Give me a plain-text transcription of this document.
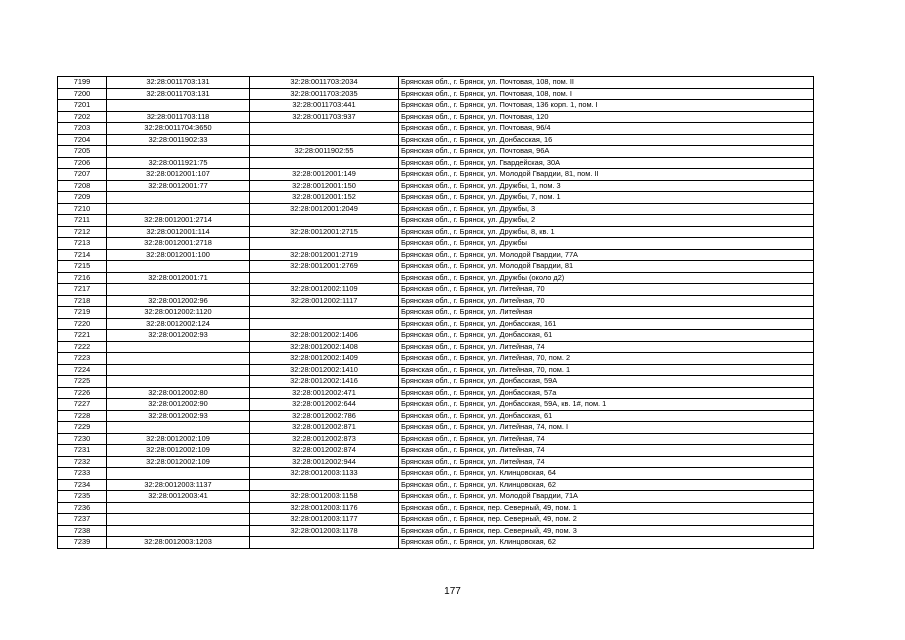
7199	32:28:0011703:131	32:28:0011703:2034	Брянская обл., г. Брянск, ул. Почтовая, 108, пом. II
7200	32:28:0011703:131	32:28:0011703:2035	Брянская обл., г. Брянск, ул. Почтовая, 108, пом. I
7201		32:28:0011703:441	Брянская обл., г. Брянск, ул. Почтовая, 136 корп. 1, пом. I
7202	32:28:0011703:118	32:28:0011703:937	Брянская обл., г. Брянск, ул. Почтовая, 120
7203	32:28:0011704:3650		Брянская обл., г. Брянск, ул. Почтовая, 96/4
7204	32:28:0011902:33		Брянская обл., г. Брянск, ул. Донбасская, 16
7205		32:28:0011902:55	Брянская обл., г. Брянск, ул. Почтовая, 96А
7206	32:28:0011921:75		Брянская обл., г. Брянск, ул. Гвардейская, 30А
7207	32:28:0012001:107	32:28:0012001:149	Брянская обл., г. Брянск, ул. Молодой Гвардии, 81, пом. II
7208	32:28:0012001:77	32:28:0012001:150	Брянская обл., г. Брянск, ул. Дружбы, 1, пом. 3
7209		32:28:0012001:152	Брянская обл., г. Брянск, ул. Дружбы, 7, пом. 1
7210		32:28:0012001:2049	Брянская обл., г. Брянск, ул. Дружбы, 3
7211	32:28:0012001:2714		Брянская обл., г. Брянск, ул. Дружбы, 2
7212	32:28:0012001:114	32:28:0012001:2715	Брянская обл., г. Брянск, ул. Дружбы, 8, кв. 1
7213	32:28:0012001:2718		Брянская обл., г. Брянск, ул. Дружбы
7214	32:28:0012001:100	32:28:0012001:2719	Брянская обл., г. Брянск, ул. Молодой Гвардии, 77А
7215		32:28:0012001:2769	Брянская обл., г. Брянск, ул. Молодой Гвардии, 81
7216	32:28:0012001:71		Брянская обл., г. Брянск, ул. Дружбы (около д2)
7217		32:28:0012002:1109	Брянская обл., г. Брянск, ул. Литейная, 70
7218	32:28:0012002:96	32:28:0012002:1117	Брянская обл., г. Брянск, ул. Литейная, 70
7219	32:28:0012002:1120		Брянская обл., г. Брянск, ул. Литейная
7220	32:28:0012002:124		Брянская обл., г. Брянск, ул. Донбасская, 161
7221	32:28:0012002:93	32:28:0012002:1406	Брянская обл., г. Брянск, ул. Донбасская, 61
7222		32:28:0012002:1408	Брянская обл., г. Брянск, ул. Литейная, 74
7223		32:28:0012002:1409	Брянская обл., г. Брянск, ул. Литейная, 70, пом. 2
7224		32:28:0012002:1410	Брянская обл., г. Брянск, ул. Литейная, 70, пом. 1
7225		32:28:0012002:1416	Брянская обл., г. Брянск, ул. Донбасская, 59А
7226	32:28:0012002:80	32:28:0012002:471	Брянская обл., г. Брянск, ул. Донбасская, 57а
7227	32:28:0012002:90	32:28:0012002:644	Брянская обл., г. Брянск, ул. Донбасская, 59А, кв. 1#, пом. 1
7228	32:28:0012002:93	32:28:0012002:786	Брянская обл., г. Брянск, ул. Донбасская, 61
7229		32:28:0012002:871	Брянская обл., г. Брянск, ул. Литейная, 74, пом. I
7230	32:28:0012002:109	32:28:0012002:873	Брянская обл., г. Брянск, ул. Литейная, 74
7231	32:28:0012002:109	32:28:0012002:874	Брянская обл., г. Брянск, ул. Литейная, 74
7232	32:28:0012002:109	32:28:0012002:944	Брянская обл., г. Брянск, ул. Литейная, 74
7233		32:28:0012003:1133	Брянская обл., г. Брянск, ул. Клинцовская, 64
7234	32:28:0012003:1137		Брянская обл., г. Брянск, ул. Клинцовская, 62
7235	32:28:0012003:41	32:28:0012003:1158	Брянская обл., г. Брянск, ул. Молодой Гвардии, 71А
7236		32:28:0012003:1176	Брянская обл., г. Брянск, пер. Северный, 49, пом. 1
7237		32:28:0012003:1177	Брянская обл., г. Брянск, пер. Северный, 49, пом. 2
7238		32:28:0012003:1178	Брянская обл., г. Брянск, пер. Северный, 49, пом. 3
7239	32:28:0012003:1203		Брянская обл., г. Брянск, ул. Клинцовская, 62
177
